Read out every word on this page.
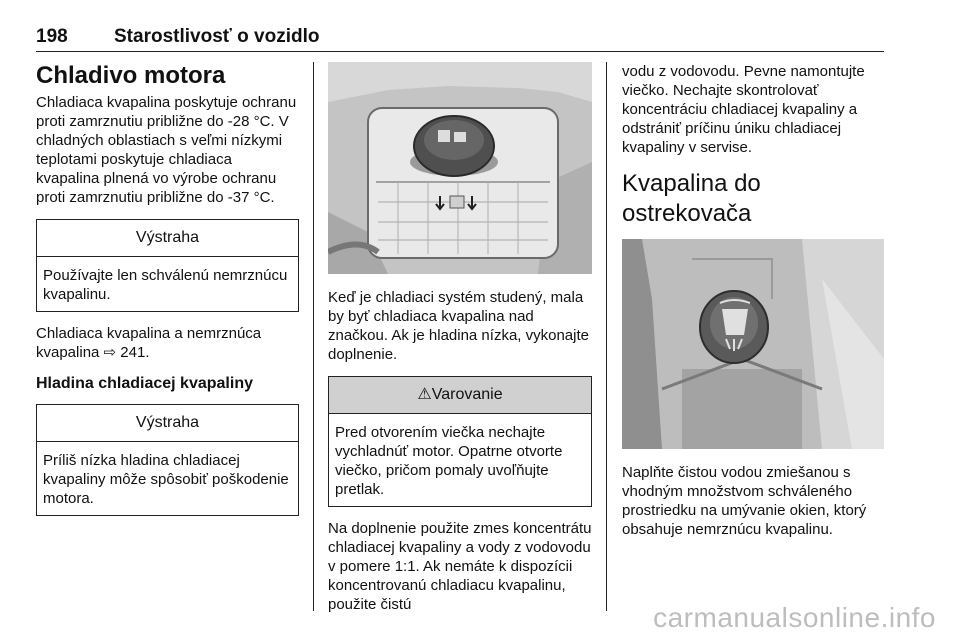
198 Starostlivosť o vozidlo
Chladivo motora

Chladiaca kvapalina poskytuje ochranu proti zamrznutiu približne do -28 °C. V chladných oblastiach s veľmi nízkymi teplotami poskytuje chladiaca kvapalina plnená vo výrobe ochranu proti zamrznutiu približne do -37 °C.

Výstraha
Používajte len schválenú nemrznúcu kvapalinu.

Chladiaca kvapalina a nemrznúca kvapalina ⇨ 241.

Hladina chladiacej kvapaliny
Výstraha
Príliš nízka hladina chladiacej kvapaliny môže spôsobiť poškodenie motora.

Keď je chladiaci systém studený, mala by byť chladiaca kvapalina nad značkou. Ak je hladina nízka, vykonajte doplnenie.

⚠Varovanie
Pred otvorením viečka nechajte vychladnúť motor. Opatrne otvorte viečko, pričom pomaly uvoľňujte pretlak.

Na doplnenie použite zmes koncentrátu chladiacej kvapaliny a vody z vodovodu v pomere 1:1. Ak nemáte k dispozícii koncentrovanú chladiacu kvapalinu, použite čistú

vodu z vodovodu. Pevne namontujte viečko. Nechajte skontrolovať koncentráciu chladiacej kvapaliny a odstrániť príčinu úniku chladiacej kvapaliny v servise.

Kvapalina do ostrekovača

Naplňte čistou vodou zmiešanou s vhodným množstvom schváleného prostriedku na umývanie okien, ktorý obsahuje nemrznúcu kvapalinu.

carmanualsonline.info
